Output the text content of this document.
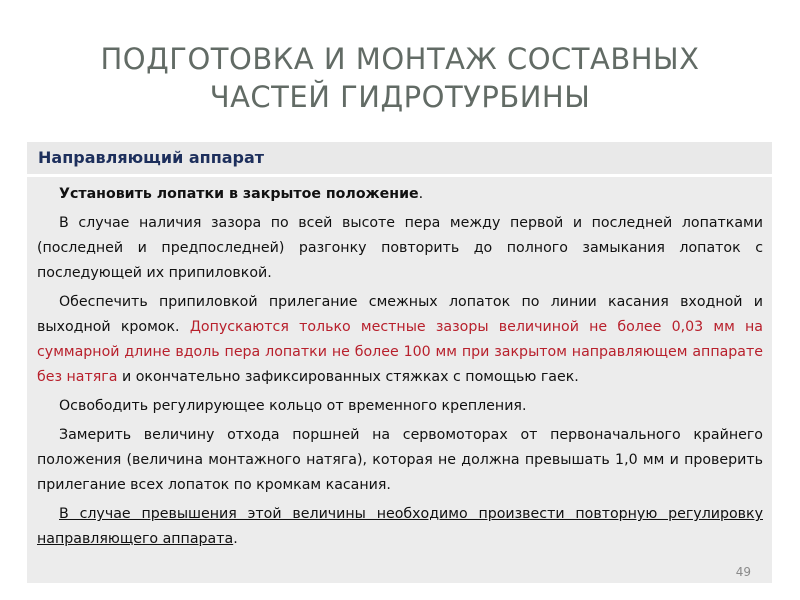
ПОДГОТОВКА И МОНТАЖ СОСТАВНЫХ
ЧАСТЕЙ ГИДРОТУРБИНЫ
Направляющий аппарат

Установить лопатки в закрытое положение.

В случае наличия зазора по всей высоте пера между первой и последней лопатками (последней и предпоследней) разгонку повторить до полного замыкания лопаток с последующей их припиловкой.

Обеспечить припиловкой прилегание смежных лопаток по линии касания входной и выходной кромок. Допускаются только местные зазоры величиной не более 0,03 мм на суммарной длине вдоль пера лопатки не более 100 мм при закрытом направляющем аппарате без натяга и окончательно зафиксированных стяжках с помощью гаек.

Освободить регулирующее кольцо от временного крепления.

Замерить величину отхода поршней на сервомоторах от первоначального крайнего положения (величина монтажного натяга), которая не должна превышать 1,0 мм и проверить прилегание всех лопаток по кромкам касания.

В случае превышения этой величины необходимо произвести повторную регулировку направляющего аппарата.

49
